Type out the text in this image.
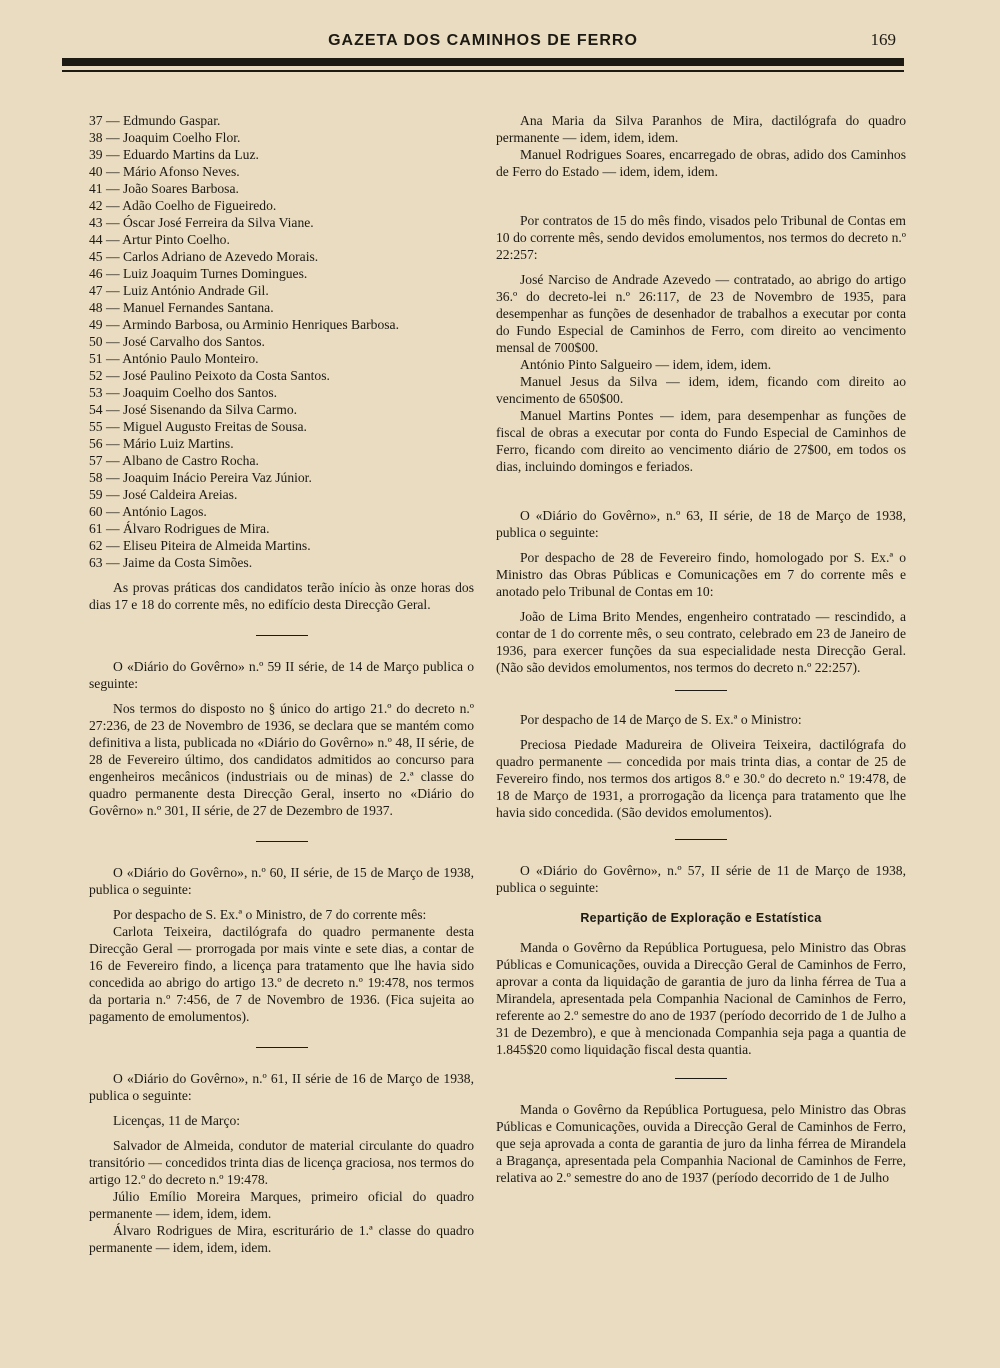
GAZETA DOS CAMINHOS DE FERRO	169
37 — Edmundo Gaspar.
38 — Joaquim Coelho Flor.
39 — Eduardo Martins da Luz.
40 — Mário Afonso Neves.
41 — João Soares Barbosa.
42 — Adão Coelho de Figueiredo.
43 — Óscar José Ferreira da Silva Viane.
44 — Artur Pinto Coelho.
45 — Carlos Adriano de Azevedo Morais.
46 — Luiz Joaquim Turnes Domingues.
47 — Luiz António Andrade Gil.
48 — Manuel Fernandes Santana.
49 — Armindo Barbosa, ou Arminio Henriques Barbosa.
50 — José Carvalho dos Santos.
51 — António Paulo Monteiro.
52 — José Paulino Peixoto da Costa Santos.
53 — Joaquim Coelho dos Santos.
54 — José Sisenando da Silva Carmo.
55 — Miguel Augusto Freitas de Sousa.
56 — Mário Luiz Martins.
57 — Albano de Castro Rocha.
58 — Joaquim Inácio Pereira Vaz Júnior.
59 — José Caldeira Areias.
60 — António Lagos.
61 — Álvaro Rodrigues de Mira.
62 — Eliseu Piteira de Almeida Martins.
63 — Jaime da Costa Simões.

As provas práticas dos candidatos terão início às onze horas dos dias 17 e 18 do corrente mês, no edifício desta Direcção Geral.

O «Diário do Govêrno» n.º 59 II série, de 14 de Março publica o seguinte:

Nos termos do disposto no § único do artigo 21.º do decreto n.º 27:236, de 23 de Novembro de 1936, se declara que se mantém como definitiva a lista, publicada no «Diário do Govêrno» n.º 48, II série, de 28 de Fevereiro último, dos candidatos admitidos ao concurso para engenheiros mecânicos (industriais ou de minas) de 2.ª classe do quadro permanente desta Direcção Geral, inserto no «Diário do Govêrno» n.º 301, II série, de 27 de Dezembro de 1937.

O «Diário do Govêrno», n.º 60, II série, de 15 de Março de 1938, publica o seguinte:

Por despacho de S. Ex.ª o Ministro, de 7 do corrente mês:

Carlota Teixeira, dactilógrafa do quadro permanente desta Direcção Geral — prorrogada por mais vinte e sete dias, a contar de 16 de Fevereiro findo, a licença para tratamento que lhe havia sido concedida ao abrigo do artigo 13.º de decreto n.º 19:478, nos termos da portaria n.º 7:456, de 7 de Novembro de 1936. (Fica sujeita ao pagamento de emolumentos).

O «Diário do Govêrno», n.º 61, II série de 16 de Março de 1938, publica o seguinte:

Licenças, 11 de Março:

Salvador de Almeida, condutor de material circulante do quadro transitório — concedidos trinta dias de licença graciosa, nos termos do artigo 12.º do decreto n.º 19:478.

Júlio Emílio Moreira Marques, primeiro oficial do quadro permanente — idem, idem, idem.

Álvaro Rodrigues de Mira, escriturário de 1.ª classe do quadro permanente — idem, idem, idem.

Ana Maria da Silva Paranhos de Mira, dactilógrafa do quadro permanente — idem, idem, idem.

Manuel Rodrigues Soares, encarregado de obras, adido dos Caminhos de Ferro do Estado — idem, idem, idem.

Por contratos de 15 do mês findo, visados pelo Tribunal de Contas em 10 do corrente mês, sendo devidos emolumentos, nos termos do decreto n.º 22:257:

José Narciso de Andrade Azevedo — contratado, ao abrigo do artigo 36.º do decreto-lei n.º 26:117, de 23 de Novembro de 1935, para desempenhar as funções de desenhador de trabalhos a executar por conta do Fundo Especial de Caminhos de Ferro, com direito ao vencimento mensal de 700$00.

António Pinto Salgueiro — idem, idem, idem.

Manuel Jesus da Silva — idem, idem, ficando com direito ao vencimento de 650$00.

Manuel Martins Pontes — idem, para desempenhar as funções de fiscal de obras a executar por conta do Fundo Especial de Caminhos de Ferro, ficando com direito ao vencimento diário de 27$00, em todos os dias, incluindo domingos e feriados.

O «Diário do Govêrno», n.º 63, II série, de 18 de Março de 1938, publica o seguinte:

Por despacho de 28 de Fevereiro findo, homologado por S. Ex.ª o Ministro das Obras Públicas e Comunicações em 7 do corrente mês e anotado pelo Tribunal de Contas em 10:

João de Lima Brito Mendes, engenheiro contratado — rescindido, a contar de 1 do corrente mês, o seu contrato, celebrado em 23 de Janeiro de 1936, para exercer funções da sua especialidade nesta Direcção Geral. (Não são devidos emolumentos, nos termos do decreto n.º 22:257).

Por despacho de 14 de Março de S. Ex.ª o Ministro:

Preciosa Piedade Madureira de Oliveira Teixeira, dactilógrafa do quadro permanente — concedida por mais trinta dias, a contar de 25 de Fevereiro findo, nos termos dos artigos 8.º e 30.º do decreto n.º 19:478, de 18 de Março de 1931, a prorrogação da licença para tratamento que lhe havia sido concedida. (São devidos emolumentos).

O «Diário do Govêrno», n.º 57, II série de 11 de Março de 1938, publica o seguinte:

Repartição de Exploração e Estatística

Manda o Govêrno da República Portuguesa, pelo Ministro das Obras Públicas e Comunicações, ouvida a Direcção Geral de Caminhos de Ferro, aprovar a conta da liquidação de garantia de juro da linha férrea de Tua a Mirandela, apresentada pela Companhia Nacional de Caminhos de Ferro, referente ao 2.º semestre do ano de 1937 (período decorrido de 1 de Julho a 31 de Dezembro), e que à mencionada Companhia seja paga a quantia de 1.845$20 como liquidação fiscal desta quantia.

Manda o Govêrno da República Portuguesa, pelo Ministro das Obras Públicas e Comunicações, ouvida a Direcção Geral de Caminhos de Ferro, que seja aprovada a conta de garantia de juro da linha férrea de Mirandela a Bragança, apresentada pela Companhia Nacional de Caminhos de Ferre, relativa ao 2.º semestre do ano de 1937 (período decorrido de 1 de Julho
